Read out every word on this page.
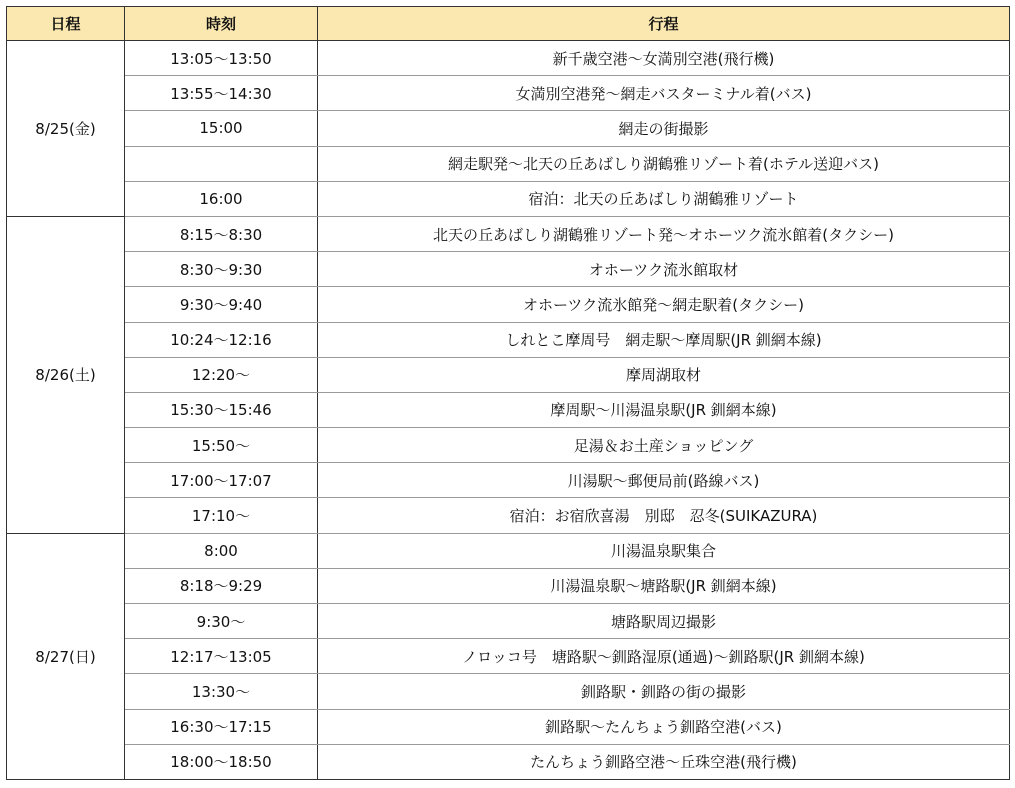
日程	時刻	行程
8/25(金)	13:05～13:50	新千歳空港～女満別空港(飛行機)
	13:55～14:30	女満別空港発～網走バスターミナル着(バス)
	15:00	網走の街撮影
		網走駅発～北天の丘あばしり湖鶴雅リゾート着(ホテル送迎バス)
	16:00	宿泊：北天の丘あばしり湖鶴雅リゾート
8/26(土)	8:15～8:30	北天の丘あばしり湖鶴雅リゾート発～オホーツク流氷館着(タクシー)
	8:30～9:30	オホーツク流氷館取材
	9:30～9:40	オホーツク流氷館発～網走駅着(タクシー)
	10:24～12:16	しれとこ摩周号　網走駅～摩周駅(JR 釧網本線)
	12:20～	摩周湖取材
	15:30～15:46	摩周駅～川湯温泉駅(JR 釧網本線)
	15:50～	足湯＆お土産ショッピング
	17:00～17:07	川湯駅～郵便局前(路線バス)
	17:10～	宿泊：お宿欣喜湯　別邸　忍冬(SUIKAZURA)
8/27(日)	8:00	川湯温泉駅集合
	8:18～9:29	川湯温泉駅～塘路駅(JR 釧網本線)
	9:30～	塘路駅周辺撮影
	12:17～13:05	ノロッコ号　塘路駅～釧路湿原(通過)～釧路駅(JR 釧網本線)
	13:30～	釧路駅・釧路の街の撮影
	16:30～17:15	釧路駅～たんちょう釧路空港(バス)
	18:00～18:50	たんちょう釧路空港～丘珠空港(飛行機)
